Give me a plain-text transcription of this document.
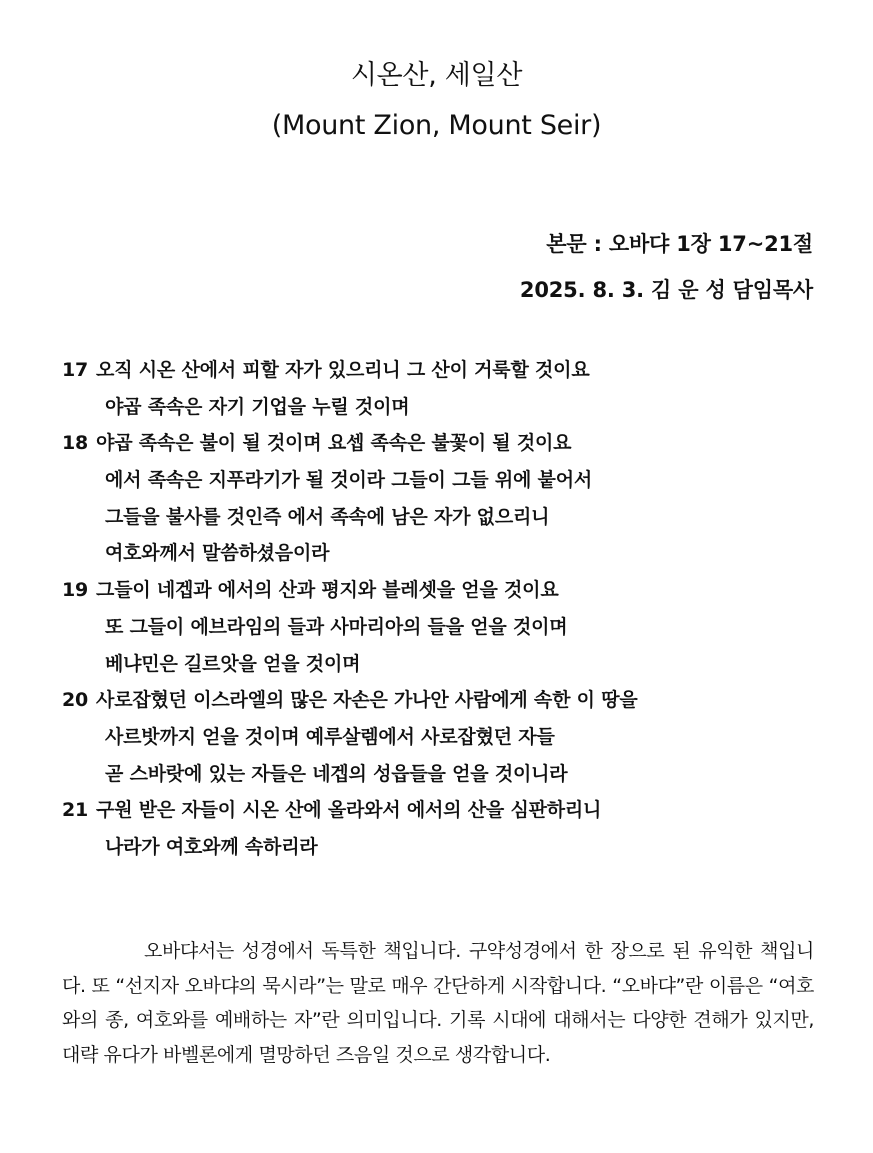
시온산, 세일산
(Mount Zion, Mount Seir)
본문 : 오바댜 1장 17~21절
2025. 8. 3. 김 운 성 담임목사
17 오직 시온 산에서 피할 자가 있으리니 그 산이 거룩할 것이요
야곱 족속은 자기 기업을 누릴 것이며
18 야곱 족속은 불이 될 것이며 요셉 족속은 불꽃이 될 것이요
에서 족속은 지푸라기가 될 것이라 그들이 그들 위에 붙어서
그들을 불사를 것인즉 에서 족속에 남은 자가 없으리니
여호와께서 말씀하셨음이라
19 그들이 네겝과 에서의 산과 평지와 블레셋을 얻을 것이요
또 그들이 에브라임의 들과 사마리아의 들을 얻을 것이며
베냐민은 길르앗을 얻을 것이며
20 사로잡혔던 이스라엘의 많은 자손은 가나안 사람에게 속한 이 땅을
사르밧까지 얻을 것이며 예루살렘에서 사로잡혔던 자들
곧 스바랏에 있는 자들은 네겝의 성읍들을 얻을 것이니라
21 구원 받은 자들이 시온 산에 올라와서 에서의 산을 심판하리니
나라가 여호와께 속하리라

오바댜서는 성경에서 독특한 책입니다. 구약성경에서 한 장으로 된 유익한 책입니다. 또 “선지자 오바댜의 묵시라”는 말로 매우 간단하게 시작합니다. “오바댜”란 이름은 “여호와의 종, 여호와를 예배하는 자”란 의미입니다. 기록 시대에 대해서는 다양한 견해가 있지만, 대략 유다가 바벨론에게 멸망하던 즈음일 것으로 생각합니다.
